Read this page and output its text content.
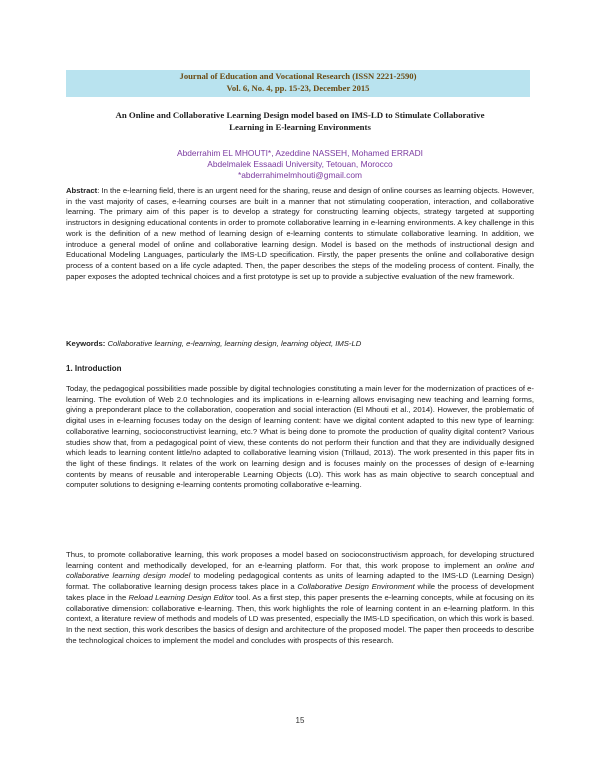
Journal of Education and Vocational Research (ISSN 2221-2590)
Vol. 6, No. 4, pp. 15-23, December 2015
An Online and Collaborative Learning Design model based on IMS-LD to Stimulate Collaborative
Learning in E-learning Environments
Abderrahim EL MHOUTI*, Azeddine NASSEH, Mohamed ERRADI
Abdelmalek Essaadi University, Tetouan, Morocco
*abderrahimelmhouti@gmail.com
Abstract: In the e-learning field, there is an urgent need for the sharing, reuse and design of online courses as learning objects. However, in the vast majority of cases, e-learning courses are built in a manner that not stimulating cooperation, interaction, and collaborative learning. The primary aim of this paper is to develop a strategy for constructing learning objects, strategy targeted at supporting instructors in designing educational contents in order to promote collaborative learning in e-learning environments. A key challenge in this work is the definition of a new method of learning design of e-learning contents to stimulate collaborative learning. In addition, we introduce a general model of online and collaborative learning design. Model is based on the methods of instructional design and Educational Modeling Languages, particularly the IMS-LD specification. Firstly, the paper presents the online and collaborative design process of a content based on a life cycle adapted. Then, the paper describes the steps of the modeling process of content. Finally, the paper exposes the adopted technical choices and a first prototype is set up to provide a subjective evaluation of the new framework.
Keywords: Collaborative learning, e-learning, learning design, learning object, IMS-LD
1. Introduction
Today, the pedagogical possibilities made possible by digital technologies constituting a main lever for the modernization of practices of e-learning. The evolution of Web 2.0 technologies and its implications in e-learning allows envisaging new teaching and learning forms, giving a preponderant place to the collaboration, cooperation and social interaction (El Mhouti et al., 2014). However, the problematic of digital uses in e-learning focuses today on the design of learning content: have we digital content adapted to this new type of learning: collaborative learning, socioconstructivist learning, etc.? What is being done to promote the production of quality digital content? Various studies show that, from a pedagogical point of view, these contents do not perform their function and that they are individually designed which leads to learning content little/no adapted to collaborative learning vision (Trillaud, 2013). The work presented in this paper fits in the light of these findings. It relates of the work on learning design and is focuses mainly on the processes of design of e-learning contents by means of reusable and interoperable Learning Objects (LO). This work has as main objective to search conceptual and computer solutions to designing e-learning contents promoting collaborative e-learning.
Thus, to promote collaborative learning, this work proposes a model based on socioconstructivism approach, for developing structured learning content and methodically developed, for an e-learning platform. For that, this work propose to implement an online and collaborative learning design model to modeling pedagogical contents as units of learning adapted to the IMS-LD (Learning Design) format. The collaborative learning design process takes place in a Collaborative Design Environment while the process of development takes place in the Reload Learning Design Editor tool. As a first step, this paper presents the e-learning concepts, while at focusing on its collaborative dimension: collaborative e-learning. Then, this work highlights the role of learning content in an e-learning platform. In this context, a literature review of methods and models of LD was presented, especially the IMS-LD specification, on which this work is based. In the next section, this work describes the basics of design and architecture of the proposed model. The paper then proceeds to describe the technological choices to implement the model and concludes with prospects of this research.
15
